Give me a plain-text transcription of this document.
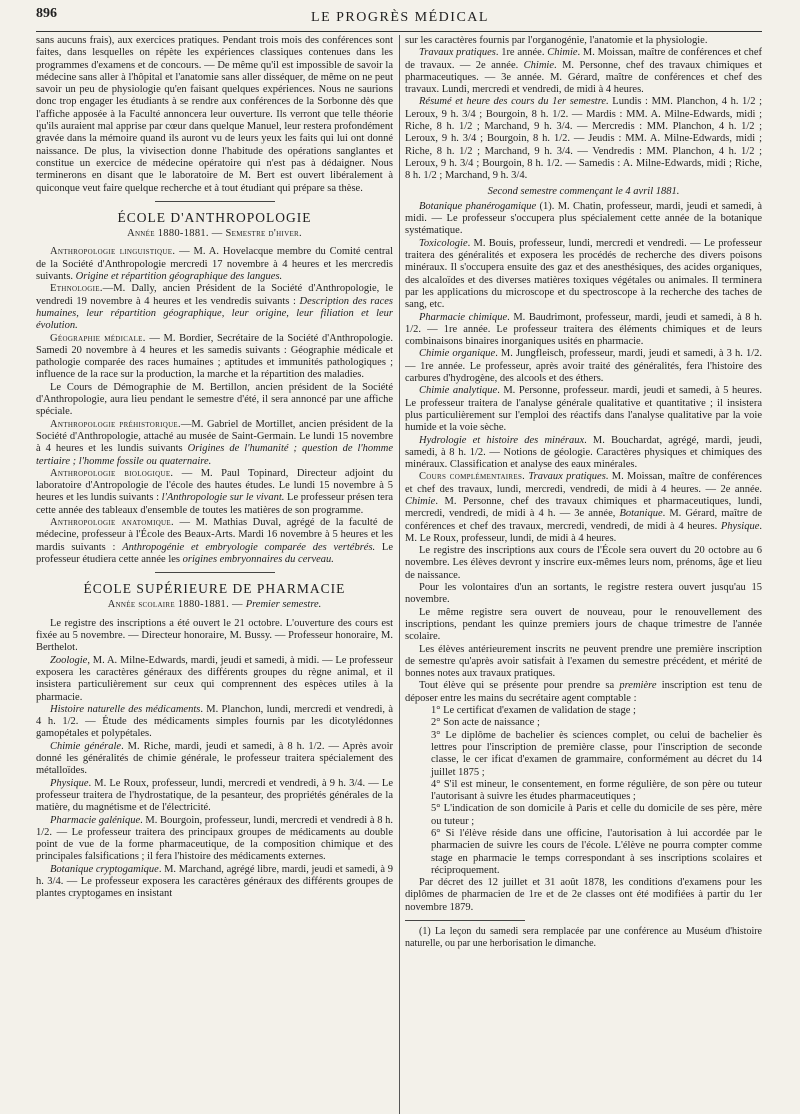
896	LE PROGRÈS MÉDICAL

sans aucuns frais), aux exercices pratiques. Pendant trois mois des conférences sont faites, dans lesquelles on répète les expériences classiques contenues dans les programmes d'examens et de concours. — De même qu'il est impossible de savoir la médecine sans aller à l'hôpital et l'anatomie sans aller disséquer, de même on ne peut savoir un peu de physiologie qu'en faisant quelques expériences. Nous ne saurions donc trop engager les étudiants à se rendre aux conférences de la Sorbonne dès que l'affiche apposée à la Faculté annoncera leur ouverture. Ils verront que telle théorie qu'ils auraient mal apprise par cœur dans quelque Manuel, leur restera profondément gravée dans la mémoire quand ils auront vu de leurs yeux les faits qui lui ont donné naissance. De plus, la vivisection donne l'habitude des opérations sanglantes et constitue un exercice de médecine opératoire qui n'est pas à dédaigner. Nous terminerons en disant que le laboratoire de M. Bert est ouvert libéralement à quiconque veut faire quelque recherche et à tout étudiant qui prépare sa thèse.

ÉCOLE D'ANTHROPOLOGIE
Année 1880-1881. — Semestre d'hiver.

Anthropologie linguistique. — M. A. Hovelacque membre du Comité central de la Société d'Anthropologie mercredi 17 novembre à 4 heures et les mercredis suivants. Origine et répartition géographique des langues.

Ethnologie.—M. Dally, ancien Président de la Société d'Anthropologie, le vendredi 19 novembre à 4 heures et les vendredis suivants : Description des races humaines, leur répartition géographique, leur origine, leur filiation et leur évolution.

Géographie médicale. — M. Bordier, Secrétaire de la Société d'Anthropologie. Samedi 20 novembre à 4 heures et les samedis suivants : Géographie médicale et pathologie comparée des races humaines ; aptitudes et immunités pathologiques ; influence de la race sur la production, la marche et la répartition des maladies.

Le Cours de Démographie de M. Bertillon, ancien président de la Société d'Anthropologie, aura lieu pendant le semestre d'été, il sera annoncé par une affiche spéciale.

Anthropologie préhistorique.—M. Gabriel de Mortillet, ancien président de la Société d'Anthropologie, attaché au musée de Saint-Germain. Le lundi 15 novembre à 4 heures et les lundis suivants Origines de l'humanité ; question de l'homme tertiaire ; l'homme fossile ou quaternaire.

Anthropologie biologique. — M. Paul Topinard, Directeur adjoint du laboratoire d'Antropologie de l'école des hautes études. Le lundi 15 novembre à 5 heures et les lundis suivants : l'Anthropologie sur le vivant. Le professeur présen tera cette année des tableaux d'ensemble de toutes les matières de son programme.

Anthropologie anatomique. — M. Mathias Duval, agrégé de la faculté de médecine, professeur à l'École des Beaux-Arts. Mardi 16 novembre à 5 heures et les mardis suivants : Anthropogénie et embryologie comparée des vertébrés. Le professeur étudiera cette année les origines embryonnaires du cerveau.

ÉCOLE SUPÉRIEURE DE PHARMACIE
Année scolaire 1880-1881. — Premier semestre.

Le registre des inscriptions a été ouvert le 21 octobre. L'ouverture des cours est fixée au 5 novembre. — Directeur honoraire, M. Bussy. — Professeur honoraire, M. Berthelot.

Zoologie, M. A. Milne-Edwards, mardi, jeudi et samedi, à midi. — Le professeur exposera les caractères généraux des différents groupes du règne animal, et il insistera particulièrement sur ceux qui comprennent des espèces utiles à la pharmacie.

Histoire naturelle des médicaments. M. Planchon, lundi, mercredi et vendredi, à 4 h. 1/2. — Étude des médicaments simples fournis par les dicotylédonnes gamopétales et polypétales.

Chimie générale. M. Riche, mardi, jeudi et samedi, à 8 h. 1/2. — Après avoir donné les généralités de chimie générale, le professeur traitera spécialement des métalloïdes.

Physique. M. Le Roux, professeur, lundi, mercredi et vendredi, à 9 h. 3/4. — Le professeur traitera de l'hydrostatique, de la pesanteur, des propriétés générales de la matière, du magnétisme et de l'électricité.

Pharmacie galénique. M. Bourgoin, professeur, lundi, mercredi et vendredi à 8 h. 1/2. — Le professeur traitera des principaux groupes de médicaments au double point de vue de la forme pharmaceutique, de la composition chimique et des principales falsifications ; il fera l'histoire des médicaments externes.

Botanique cryptogamique. M. Marchand, agrégé libre, mardi, jeudi et samedi, à 9 h. 3/4. — Le professeur exposera les caractères généraux des différents groupes de plantes cryptogames en insistant

sur les caractères fournis par l'organogénie, l'anatomie et la physiologie.

Travaux pratiques. 1re année. Chimie. M. Moissan, maître de conférences et chef de travaux. — 2e année. Chimie. M. Personne, chef des travaux chimiques et pharmaceutiques. — 3e année. M. Gérard, maître de conférences et chef des travaux. Lundi, mercredi et vendredi, de midi à 4 heures.

Résumé et heure des cours du 1er semestre. Lundis : MM. Planchon, 4 h. 1/2 ; Leroux, 9 h. 3/4 ; Bourgoin, 8 h. 1/2. — Mardis : MM. A. Milne-Edwards, midi ; Riche, 8 h. 1/2 ; Marchand, 9 h. 3/4. — Mercredis : MM. Planchon, 4 h. 1/2 ; Leroux, 9 h. 3/4 ; Bourgoin, 8 h. 1/2. — Jeudis : MM. A. Milne-Edwards, midi ; Riche, 8 h. 1/2 ; Marchand, 9 h. 3/4. — Vendredis : MM. Planchon, 4 h. 1/2 ; Leroux, 9 h. 3/4 ; Bourgoin, 8 h. 1/2. — Samedis : A. Milne-Edwards, midi ; Riche, 8 h. 1/2 ; Marchand, 9 h. 3/4.

Second semestre commençant le 4 avril 1881.

Botanique phanérogamique (1). M. Chatin, professeur, mardi, jeudi et samedi, à midi. — Le professeur s'occupera plus spécialement cette année de la botanique systématique.

Toxicologie. M. Bouis, professeur, lundi, mercredi et vendredi. — Le professeur traitera des généralités et exposera les procédés de recherche des divers poisons minéraux. Il s'occupera ensuite des gaz et des anesthésiques, des acides organiques, des alcaloïdes et des diverses matières toxiques végétales ou animales. Il terminera par les applications du microscope et du spectroscope à la recherche des taches de sang, etc.

Pharmacie chimique. M. Baudrimont, professeur, mardi, jeudi et samedi, à 8 h. 1/2. — 1re année. Le professeur traitera des éléments chimiques et de leurs combinaisons binaires inorganiques usités en pharmacie.

Chimie organique. M. Jungfleisch, professeur, mardi, jeudi et samedi, à 3 h. 1/2. — 1re année. Le professeur, après avoir traité des généralités, fera l'histoire des carbures d'hydrogène, des alcools et des éthers.

Chimie analytique. M. Personne, professeur. mardi, jeudi et samedi, à 5 heures. Le professeur traitera de l'analyse générale qualitative et quantitative ; il insistera plus particulièrement sur l'emploi des réactifs dans l'analyse qualitative par la voie humide et la voie sèche.

Hydrologie et histoire des minéraux. M. Bouchardat, agrégé, mardi, jeudi, samedi, à 8 h. 1/2. — Notions de géologie. Caractères physiques et chimiques des minéraux. Classification et analyse des eaux minérales.

Cours complémentaires. Travaux pratiques. M. Moissan, maître de conférences et chef des travaux, lundi, mercredi, vendredi, de midi à 4 heures. — 2e année. Chimie. M. Personne, chef des travaux chimiques et pharmaceutiques, lundi, mercredi, vendredi, de midi à 4 h. — 3e année, Botanique. M. Gérard, maître de conférences et chef des travaux, mercredi, vendredi, de midi à 4 heures. Physique. M. Le Roux, professeur, lundi, de midi à 4 heures.

Le registre des inscriptions aux cours de l'École sera ouvert du 20 octobre au 6 novembre. Les élèves devront y inscrire eux-mêmes leurs nom, prénoms, âge et lieu de naissance.

Pour les volontaires d'un an sortants, le registre restera ouvert jusqu'au 15 novembre.

Le même registre sera ouvert de nouveau, pour le renouvellement des inscriptions, pendant les quinze premiers jours de chaque trimestre de l'année scolaire.

Les élèves antérieurement inscrits ne peuvent prendre une première inscription de semestre qu'après avoir satisfait à l'examen du semestre précédent, et mérité de bonnes notes aux travaux pratiques.

Tout élève qui se présente pour prendre sa première inscription est tenu de déposer entre les mains du secrétaire agent comptable :

1° Le certificat d'examen de validation de stage ;

2° Son acte de naissance ;

3° Le diplôme de bachelier ès sciences complet, ou celui de bachelier ès lettres pour l'inscription de première classe, pour l'inscription de seconde classe, le cer ificat d'examen de grammaire, conformément au décret du 14 juillet 1875 ;

4° S'il est mineur, le consentement, en forme régulière, de son père ou tuteur l'autorisant à suivre les études pharmaceutiques ;

5° L'indication de son domicile à Paris et celle du domicile de ses père, mère ou tuteur ;

6° Si l'élève réside dans une officine, l'autorisation à lui accordée par le pharmacien de suivre les cours de l'école. L'élève ne pourra compter comme stage en pharmacie le temps correspondant à ses inscriptions scolaires et réciproquement.

Par décret des 12 juillet et 31 août 1878, les conditions d'examens pour les diplômes de pharmacien de 1re et de 2e classes ont été modifiées à partir du 1er novembre 1879.

(1) La leçon du samedi sera remplacée par une conférence au Muséum d'histoire naturelle, ou par une herborisation le dimanche.
